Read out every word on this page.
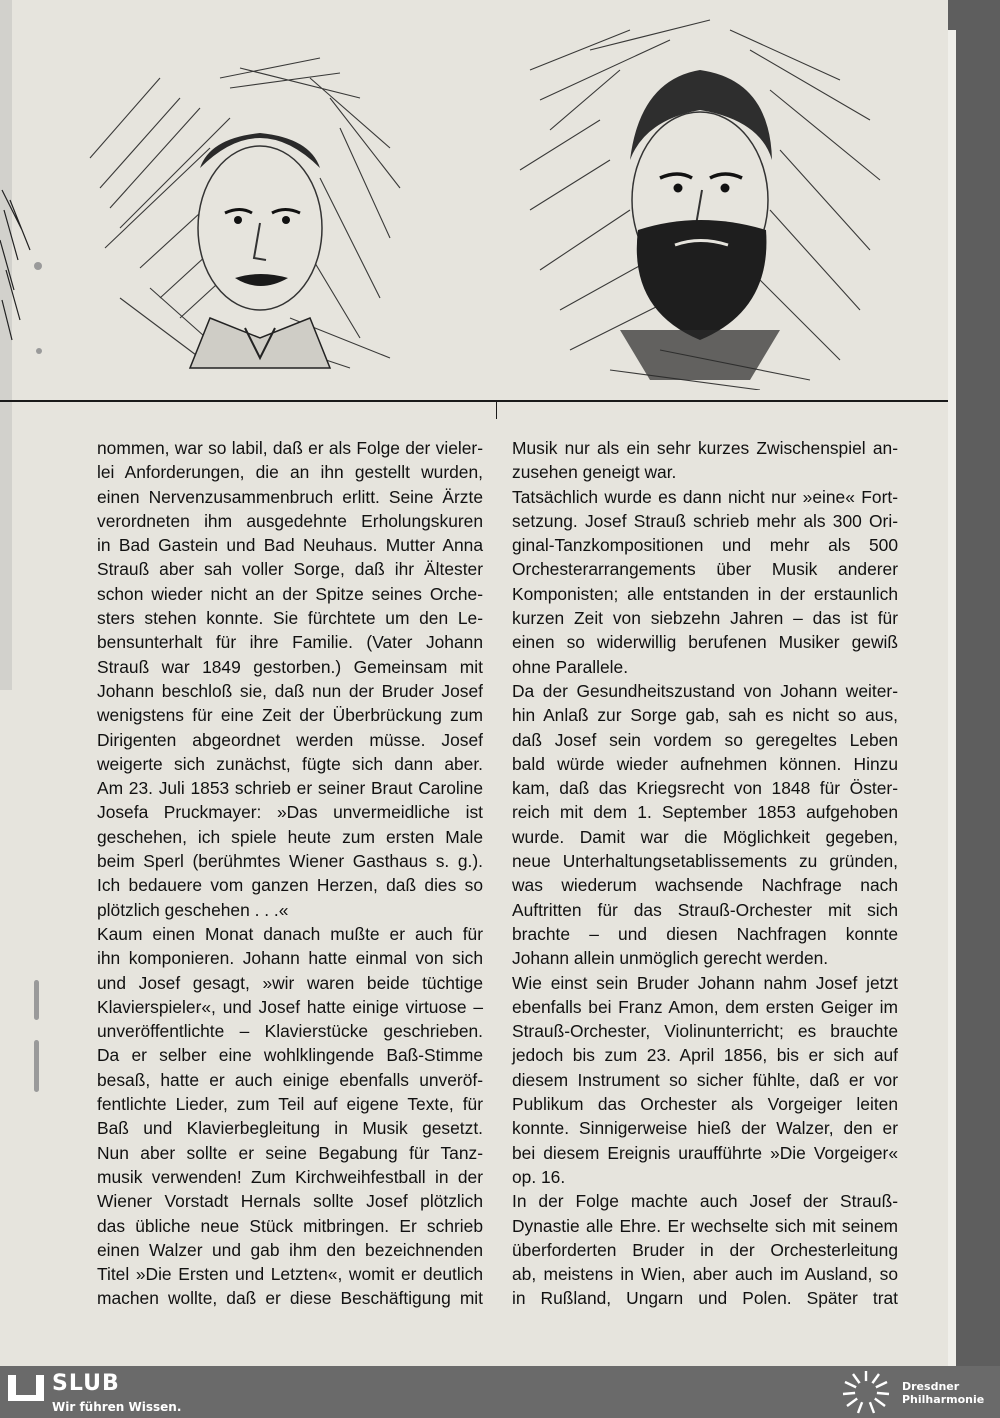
nommen, war so labil, daß er als Folge der vieler-
lei Anforderungen, die an ihn gestellt wurden,
einen Nervenzusammenbruch erlitt. Seine Ärzte
verordneten ihm ausgedehnte Erholungskuren
in Bad Gastein und Bad Neuhaus. Mutter Anna
Strauß aber sah voller Sorge, daß ihr Ältester
schon wieder nicht an der Spitze seines Orche-
sters stehen konnte. Sie fürchtete um den Le-
bensunterhalt für ihre Familie. (Vater Johann
Strauß war 1849 gestorben.) Gemeinsam mit
Johann beschloß sie, daß nun der Bruder Josef
wenigstens für eine Zeit der Überbrückung zum
Dirigenten abgeordnet werden müsse. Josef
weigerte sich zunächst, fügte sich dann aber.
Am 23. Juli 1853 schrieb er seiner Braut Caroline
Josefa Pruckmayer: »Das unvermeidliche ist
geschehen, ich spiele heute zum ersten Male
beim Sperl (berühmtes Wiener Gasthaus s. g.).
Ich bedauere vom ganzen Herzen, daß dies so
plötzlich geschehen . . .«
Kaum einen Monat danach mußte er auch für
ihn komponieren. Johann hatte einmal von sich
und Josef gesagt, »wir waren beide tüchtige
Klavierspieler«, und Josef hatte einige virtuose –
unveröffentlichte – Klavierstücke geschrieben.
Da er selber eine wohlklingende Baß-Stimme
besaß, hatte er auch einige ebenfalls unveröf-
fentlichte Lieder, zum Teil auf eigene Texte, für
Baß und Klavierbegleitung in Musik gesetzt.
Nun aber sollte er seine Begabung für Tanz-
musik verwenden! Zum Kirchweihfestball in der
Wiener Vorstadt Hernals sollte Josef plötzlich
das übliche neue Stück mitbringen. Er schrieb
einen Walzer und gab ihm den bezeichnenden
Titel »Die Ersten und Letzten«, womit er deutlich
machen wollte, daß er diese Beschäftigung mit
Musik nur als ein sehr kurzes Zwischenspiel an-
zusehen geneigt war.
Tatsächlich wurde es dann nicht nur »eine« Fort-
setzung. Josef Strauß schrieb mehr als 300 Ori-
ginal-Tanzkompositionen und mehr als 500
Orchesterarrangements über Musik anderer
Komponisten; alle entstanden in der erstaunlich
kurzen Zeit von siebzehn Jahren – das ist für
einen so widerwillig berufenen Musiker gewiß
ohne Parallele.
Da der Gesundheitszustand von Johann weiter-
hin Anlaß zur Sorge gab, sah es nicht so aus,
daß Josef sein vordem so geregeltes Leben
bald würde wieder aufnehmen können. Hinzu
kam, daß das Kriegsrecht von 1848 für Öster-
reich mit dem 1. September 1853 aufgehoben
wurde. Damit war die Möglichkeit gegeben,
neue Unterhaltungsetablissements zu gründen,
was wiederum wachsende Nachfrage nach
Auftritten für das Strauß-Orchester mit sich
brachte – und diesen Nachfragen konnte
Johann allein unmöglich gerecht werden.
Wie einst sein Bruder Johann nahm Josef jetzt
ebenfalls bei Franz Amon, dem ersten Geiger im
Strauß-Orchester, Violinunterricht; es brauchte
jedoch bis zum 23. April 1856, bis er sich auf
diesem Instrument so sicher fühlte, daß er vor
Publikum das Orchester als Vorgeiger leiten
konnte. Sinnigerweise hieß der Walzer, den er
bei diesem Ereignis uraufführte »Die Vorgeiger«
op. 16.
In der Folge machte auch Josef der Strauß-
Dynastie alle Ehre. Er wechselte sich mit seinem
überforderten Bruder in der Orchesterleitung
ab, meistens in Wien, aber auch im Ausland, so
in Rußland, Ungarn und Polen. Später trat
SLUB
Wir führen Wissen.
Dresdner
Philharmonie
